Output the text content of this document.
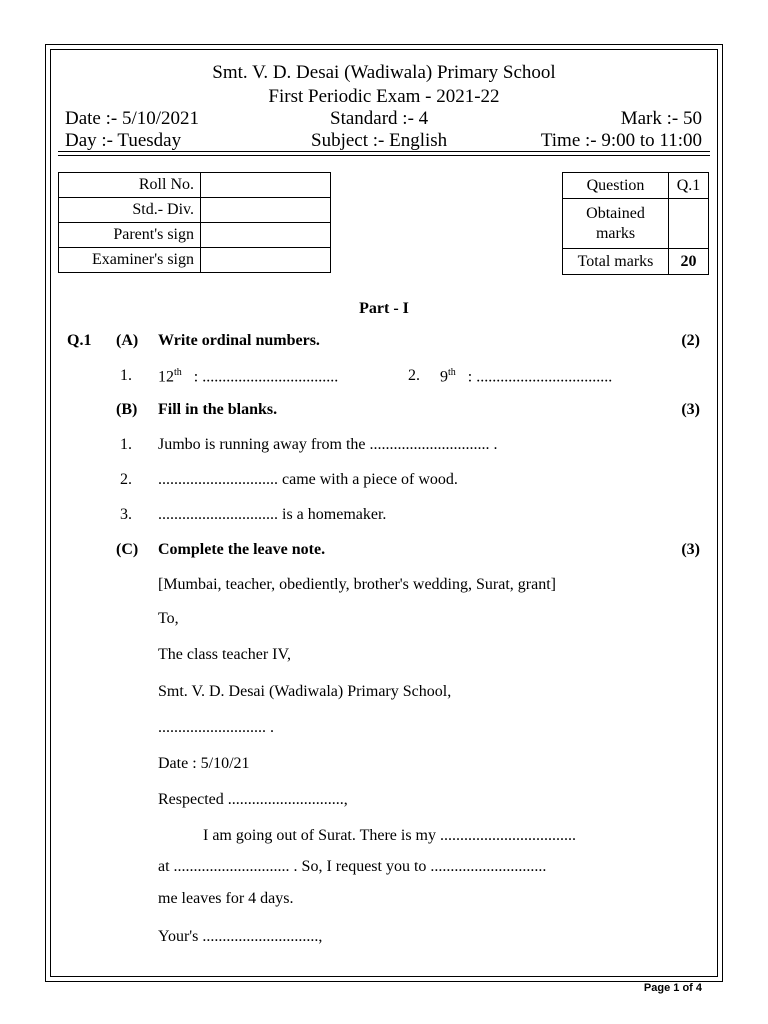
Smt. V. D. Desai (Wadiwala) Primary School
First Periodic Exam - 2021-22
Date :- 5/10/2021	Standard :- 4	Mark :- 50
Day :- Tuesday	Subject :- English	Time :- 9:00 to 11:00
Roll No.	
Std.- Div.	
Parent's sign	
Examiner's sign	
Question	Q.1
Obtained
marks	
Total marks	20
Part - I
Q.1 (A) Write ordinal numbers.	(2)
1. 12th : ..................................	2. 9th : ..................................
(B) Fill in the blanks.	(3)
1. Jumbo is running away from the .............................. .
2. .............................. came with a piece of wood.
3. .............................. is a homemaker.
(C) Complete the leave note.	(3)
[Mumbai, teacher, obediently, brother's wedding, Surat, grant]
To,
The class teacher IV,
Smt. V. D. Desai (Wadiwala) Primary School,
........................... .
Date : 5/10/21
Respected .............................,
I am going out of Surat. There is my ..................................
at ............................. . So, I request you to .............................
me leaves for 4 days.
Your's .............................,
Page 1 of 4
